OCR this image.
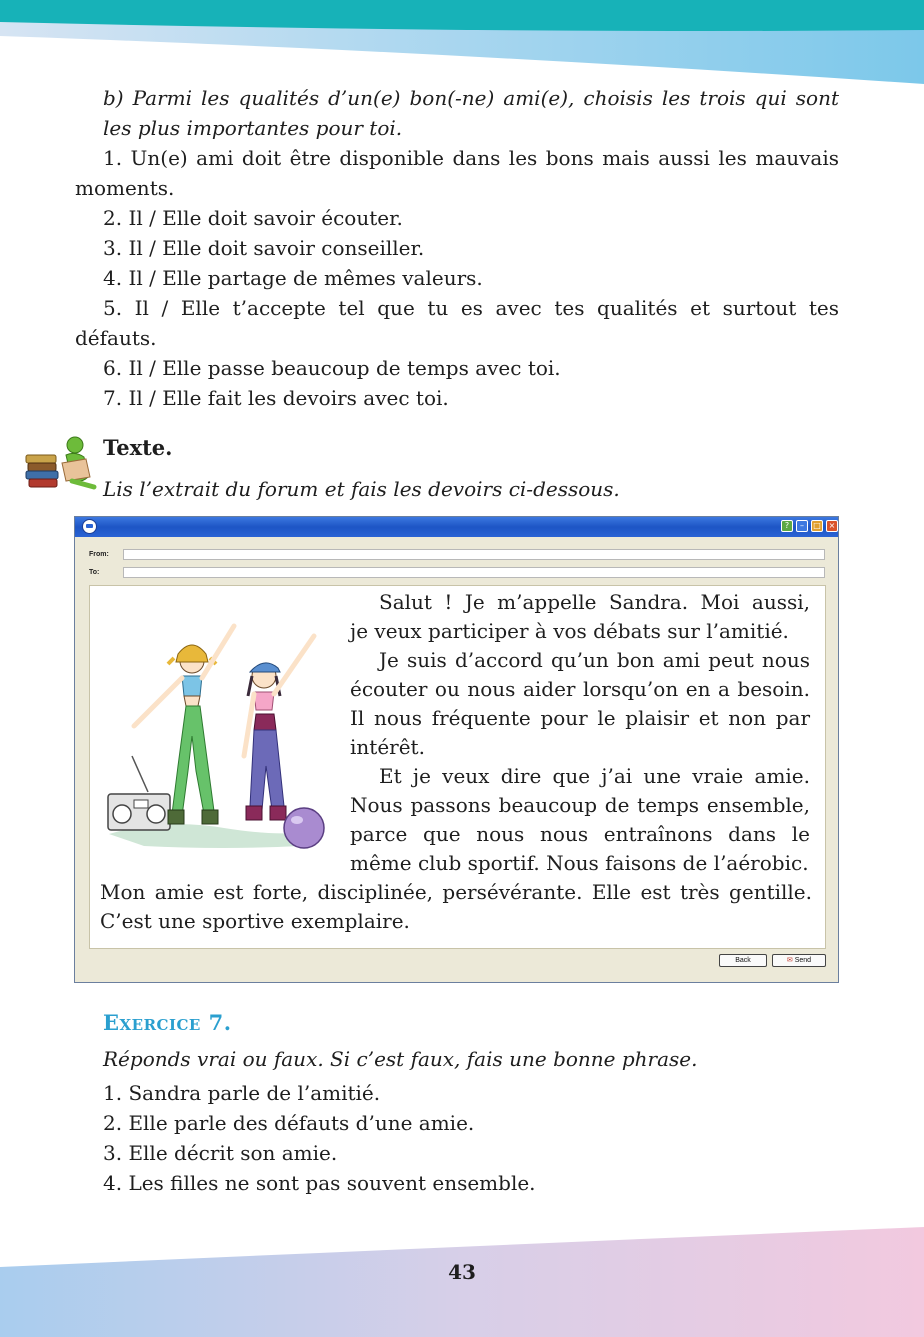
b) Parmi les qualités d’un(e) bon(-ne) ami(e), choisis les trois qui sont les plus importantes pour toi.

1. Un(e) ami doit être disponible dans les bons mais aussi les mauvais moments.
2. Il / Elle doit savoir écouter.
3. Il / Elle doit savoir conseiller.
4. Il / Elle partage de mêmes valeurs.
5. Il / Elle t’accepte tel que tu es avec tes qualités et surtout tes défauts.
6. Il / Elle passe beaucoup de temps avec toi.
7. Il / Elle fait les devoirs avec toi.

Texte.

Lis l’extrait du forum et fais les devoirs ci-dessous.

?	–	□ ×
From:
To:

Salut ! Je m’appelle Sandra. Moi aussi,

je veux participer à vos débats sur l’amitié.

Je suis d’accord qu’un bon ami peut nous écouter ou nous aider lorsqu’on en a besoin. Il nous fréquente pour le plaisir et non par intérêt.

Et je veux dire que j’ai une vraie amie. Nous passons beaucoup de temps ensemble, parce que nous nous entraînons dans le même club sportif. Nous faisons de l’aérobic.

Mon amie est forte, disciplinée, persévérante. Elle est très gentille. C’est une sportive exemplaire.

Back	✉ Send
Exercice 7.

Réponds vrai ou faux. Si c’est faux, fais une bonne phrase.

1. Sandra parle de l’amitié.
2. Elle parle des défauts d’une amie.
3. Elle décrit son amie.
4. Les filles ne sont pas souvent ensemble.

43
